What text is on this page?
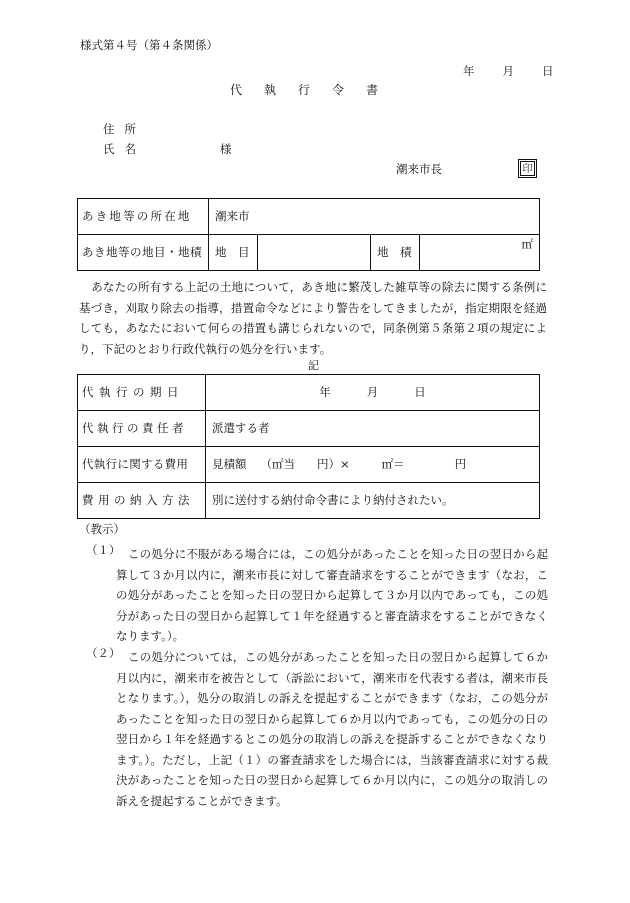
様式第４号（第４条関係）
年 月 日
代執行令書
住所
氏名	様
潮来市長	印
あき地等の所在地	潮来市			
あき地等の地目・地積	地　目		地　積	㎡
あなたの所有する上記の土地について，あき地に繁茂した雑草等の除去に関する条例に基づき，刈取り除去の指導，措置命令などにより警告をしてきましたが，指定期限を経過しても，あなたにおいて何らの措置も講じられないので，同条例第５条第２項の規定により，下記のとおり行政代執行の処分を行います。
記
代執行の期日	年 月 日
代執行の責任者	派遣する者
代執行に関する費用	見積額 （㎡当 円）× ㎡＝ 円
費用の納入方法	別に送付する納付命令書により納付されたい。
（教示）
（１） この処分に不服がある場合には，この処分があったことを知った日の翌日から起算して３か月以内に，潮来市長に対して審査請求をすることができます（なお，この処分があったことを知った日の翌日から起算して３か月以内であっても，この処分があった日の翌日から起算して１年を経過すると審査請求をすることができなくなります。）。
（２） この処分については，この処分があったことを知った日の翌日から起算して６か月以内に，潮来市を被告として（訴訟において，潮来市を代表する者は，潮来市長となります。），処分の取消しの訴えを提起することができます（なお，この処分があったことを知った日の翌日から起算して６か月以内であっても，この処分の日の翌日から１年を経過するとこの処分の取消しの訴えを提訴することができなくなります。）。ただし，上記（１）の審査請求をした場合には，当該審査請求に対する裁決があったことを知った日の翌日から起算して６か月以内に，この処分の取消しの訴えを提起することができます。
